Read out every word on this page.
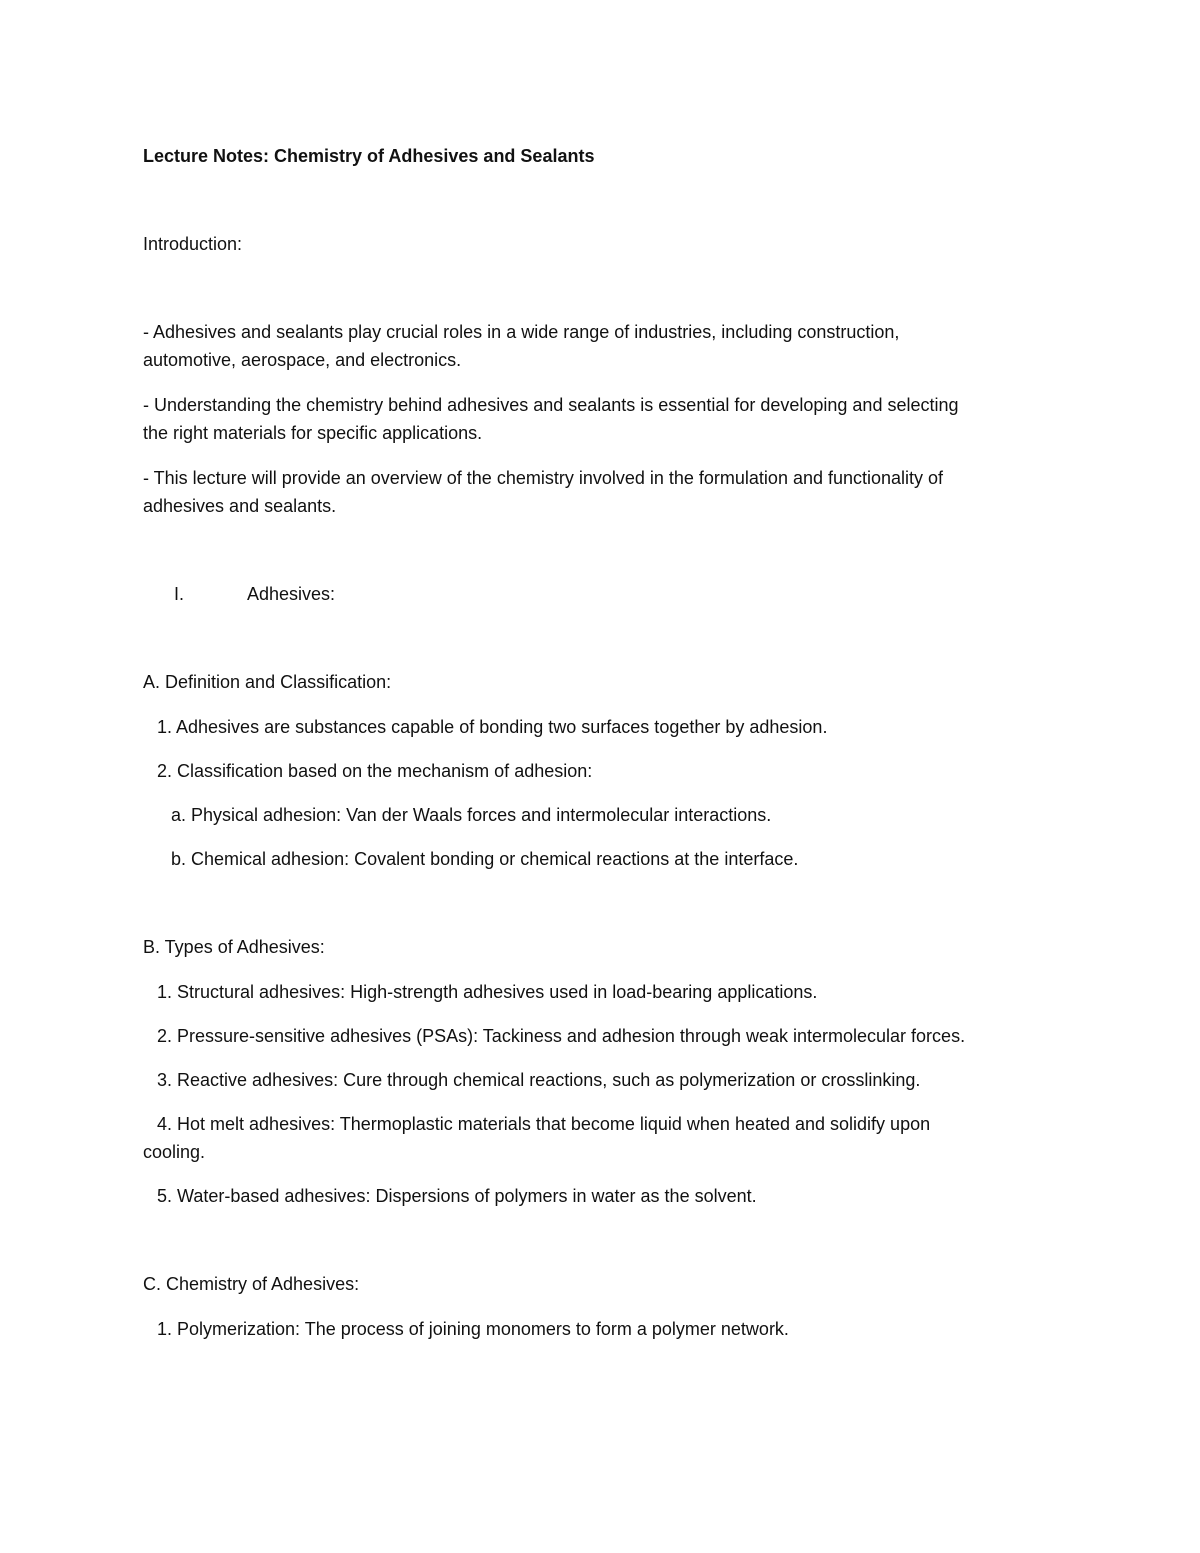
Lecture Notes: Chemistry of Adhesives and Sealants
Introduction:
- Adhesives and sealants play crucial roles in a wide range of industries, including construction,
automotive, aerospace, and electronics.
- Understanding the chemistry behind adhesives and sealants is essential for developing and selecting
the right materials for specific applications.
- This lecture will provide an overview of the chemistry involved in the formulation and functionality of
adhesives and sealants.
I.	Adhesives:
A. Definition and Classification:
1. Adhesives are substances capable of bonding two surfaces together by adhesion.
2. Classification based on the mechanism of adhesion:
a. Physical adhesion: Van der Waals forces and intermolecular interactions.
b. Chemical adhesion: Covalent bonding or chemical reactions at the interface.
B. Types of Adhesives:
1. Structural adhesives: High-strength adhesives used in load-bearing applications.
2. Pressure-sensitive adhesives (PSAs): Tackiness and adhesion through weak intermolecular forces.
3. Reactive adhesives: Cure through chemical reactions, such as polymerization or crosslinking.
4. Hot melt adhesives: Thermoplastic materials that become liquid when heated and solidify upon
cooling.
5. Water-based adhesives: Dispersions of polymers in water as the solvent.
C. Chemistry of Adhesives:
1. Polymerization: The process of joining monomers to form a polymer network.
